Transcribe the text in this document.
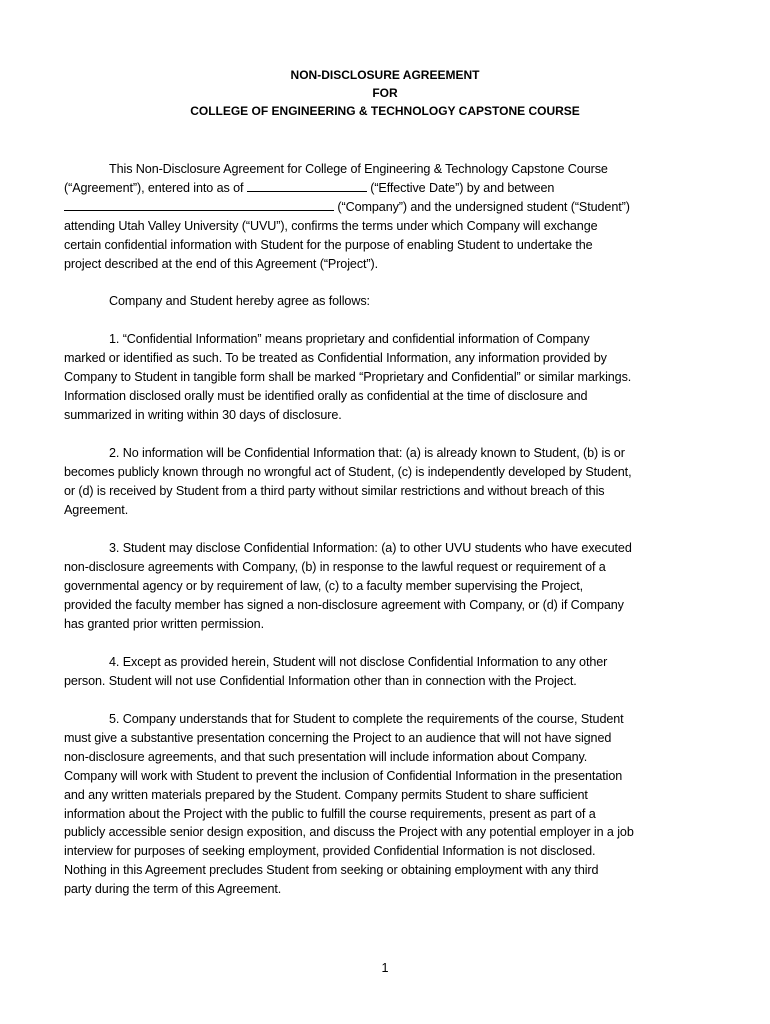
NON-DISCLOSURE AGREEMENT
FOR
COLLEGE OF ENGINEERING & TECHNOLOGY CAPSTONE COURSE
This Non-Disclosure Agreement for College of Engineering & Technology Capstone Course
(“Agreement”), entered into as of	(“Effective Date”) by and between
(“Company”) and the undersigned student (“Student”)
attending Utah Valley University (“UVU”), confirms the terms under which Company will exchange
certain confidential information with Student for the purpose of enabling Student to undertake the
project described at the end of this Agreement (“Project”).
Company and Student hereby agree as follows:
1. “Confidential Information” means proprietary and confidential information of Company
marked or identified as such. To be treated as Confidential Information, any information provided by
Company to Student in tangible form shall be marked “Proprietary and Confidential” or similar markings.
Information disclosed orally must be identified orally as confidential at the time of disclosure and
summarized in writing within 30 days of disclosure.
2. No information will be Confidential Information that: (a) is already known to Student, (b) is or
becomes publicly known through no wrongful act of Student, (c) is independently developed by Student,
or (d) is received by Student from a third party without similar restrictions and without breach of this
Agreement.
3. Student may disclose Confidential Information: (a) to other UVU students who have executed
non-disclosure agreements with Company, (b) in response to the lawful request or requirement of a
governmental agency or by requirement of law, (c) to a faculty member supervising the Project,
provided the faculty member has signed a non-disclosure agreement with Company, or (d) if Company
has granted prior written permission.
4. Except as provided herein, Student will not disclose Confidential Information to any other
person. Student will not use Confidential Information other than in connection with the Project.
5. Company understands that for Student to complete the requirements of the course, Student
must give a substantive presentation concerning the Project to an audience that will not have signed
non-disclosure agreements, and that such presentation will include information about Company.
Company will work with Student to prevent the inclusion of Confidential Information in the presentation
and any written materials prepared by the Student. Company permits Student to share sufficient
information about the Project with the public to fulfill the course requirements, present as part of a
publicly accessible senior design exposition, and discuss the Project with any potential employer in a job
interview for purposes of seeking employment, provided Confidential Information is not disclosed.
Nothing in this Agreement precludes Student from seeking or obtaining employment with any third
party during the term of this Agreement.
1
